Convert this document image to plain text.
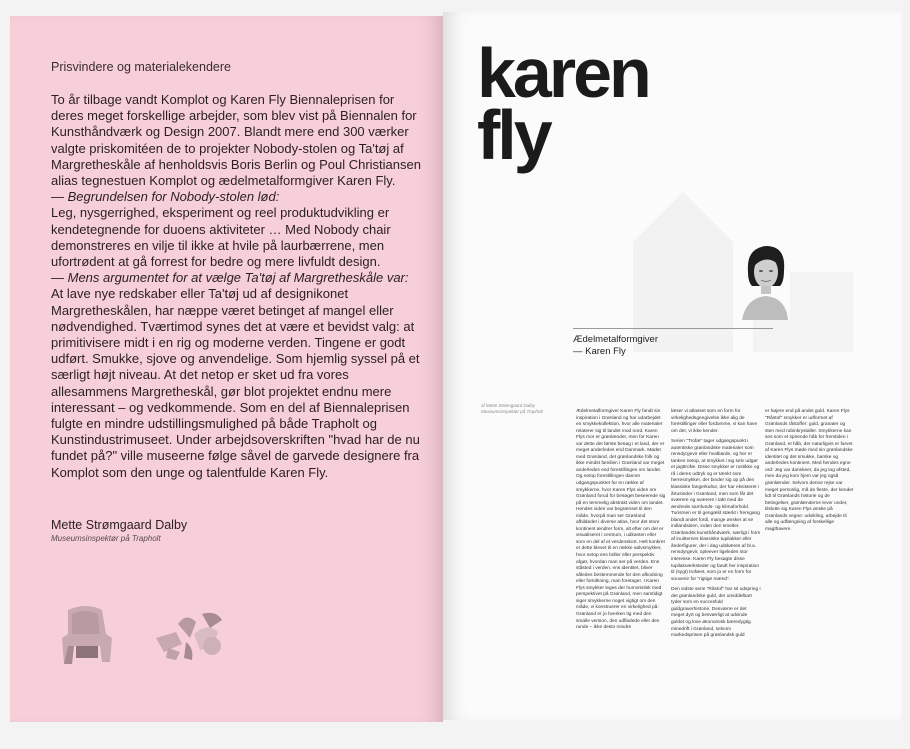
Prisvindere og materialekendere

To år tilbage vandt Komplot og Karen Fly Biennaleprisen for deres meget forskellige arbejder, som blev vist på Biennalen for Kunsthåndværk og Design 2007. Blandt mere end 300 værker valgte priskomitéen de to projekter Nobody-stolen og Ta'tøj af Margretheskåle af henholdsvis Boris Berlin og Poul Christiansen alias tegnestuen Komplot og ædelmetalformgiver Karen Fly.

— Begrundelsen for Nobody-stolen lød:

Leg, nysgerrighed, eksperiment og reel produktudvikling er kendetegnende for duoens aktiviteter … Med Nobody chair demonstreres en vilje til ikke at hvile på laurbærrene, men ufortrødent at gå forrest for bedre og mere livfuldt design.

— Mens argumentet for at vælge Ta'tøj af Margretheskåle var:

At lave nye redskaber eller Ta'tøj ud af designikonet Margretheskålen, har næppe været betinget af mangel eller nødvendighed. Tværtimod synes det at være et bevidst valg: at primitivisere midt i en rig og moderne verden. Tingene er godt udført. Smukke, sjove og anvendelige. Som hjemlig syssel på et særligt højt niveau. At det netop er sket ud fra vores allesammens Margretheskål, gør blot projektet endnu mere interessant – og vedkommende. Som en del af Biennaleprisen fulgte en mindre udstillingsmulighed på både Trapholt og Kunstindustrimuseet. Under arbejdsoverskriften "hvad har de nu fundet på?" ville museerne følge såvel de garvede designere fra Komplot som den unge og talentfulde Karen Fly.

Mette Strømgaard Dalby
Museumsinspektør på Trapholt
karen
fly
Ædelmetalformgiver
— Karen Fly
af Mette Strømgaard Dalby Museumsinspektør på Trapholt	Ædelmetalformgiver Karen Fly fandt sin inspiration i Grønland og har udarbejdet en smykkekollektion, hvor alle materialer relaterer sig til landet mod nord. Karen Flys mor er grønlænder, men for Karen var dette det første besøg i et land, der er meget anderledes end Danmark. Mødet med Grønland, det grønlandske folk og ikke mindst familien i Grønland var meget anderledes end forestillingen om landet. Og netop forestillingen danner udgangspunktet for en række af smykkerne, hvor Karen Flys viden om Grønland forud for besøget beseerede sig på en temmelig abstrakt viden om landet. Hendes viden var begrænset til den måde, hvorpå man ser Grønland afbildedet i diverse atlas, hvor det store kontinent ændrer form, alt efter om det er visualiseret i centrum, i udkanten eller som en del af et verdenskort. Helt konkret er dette blevet til en række sølvsmykker, hvor netop ens briller eller perspektiv afgør, hvordan man ser på verden. Ens ståsted i verden, ens identitet, bliver således bestemmende for den afkodning eller fortolkning, man foretager. I Karen Flys smykker leges der humoristisk med perspektivet på Grønland, men samtidigt siger smykkerne noget vigtigt om den måde, vi konstruerer en virkelighed på: Grønland er jo hverken tig med den smalle version, den udfladede eller den runde – ikke desto mindre

læser vi atlasset som en form for virkelighedsgengivelse ikke alig de forestillinger eller fordomme, vi kan have om det, vi ikke kender.

Serien "Trofæ" tager udgangspunkt i autentiske grønlandske materialer som rensdyrgevir eller hvalbarde, og her er tanken netop, at smykket i sig selv udgør et jagttrofæ. Disse smykker er rustikke og rå i deres udtryk og er tænkt som herresmykker, der binder sig op på den klassiske fangerkultur, der har eksisteret i årtusinder i Grønland, men som får det sværere og sværere i takt med de ændrede samfunds- og klimaforhold. Turismen er til gengæld stærkt i fremgang blandt andet fordi, mange ønsker at se indlandsisen, inden den smelter. Grønlandsk kunsthåndværk, særligt i form af inuitternes klassiske tupilakker eller ånderfigurer, der i dag udskæres af bl.a. rensdyrgevir, opleever ligeledes stor interesse. Karen Fly besøgte disse tupilakværksteder og fandt her inspiration til (sygt) trofæet, som jo er en form for souvenir for "rigtige mænd".

Den sidste serie "Råstof" har sit udspring i det grønlandske guld, der umiddelbart tyder som en succesfuld guldgraverhistorie. Desværre er det meget dyrt og besværligt at udvinde guldet og love økonomisk bæredygtig minedrift i Grønland, selvom markedsprisen på grønlandsk guld

er højere end på andet guld. Karen Flys "Råstof" smykker er udformet af Grønlands råstoffer: guld, granater og sten med rubinkrystaller. Smykkerne kan ses som et spirende håb for fremtiden i Grønland, et håb, der naturligvis er farvet af Karen Flys møde med sin grønlandske identitet og det smukke, barske og anderledes kontinent. Med hendes egne ord: Jeg var danskeer, da jeg tog afsted, men da jeg kom hjem var jeg også grønlænder. Selvom denne rejse var meget personlig, må de fleste, der kender lidt til Grønlands historie og de betingelser, grønlænderne lever under, tilslutte sig Karen Flys ønske på Grønlands vegne: udvikling, arbejde til alle og udfængning af forskellige magthavere.
